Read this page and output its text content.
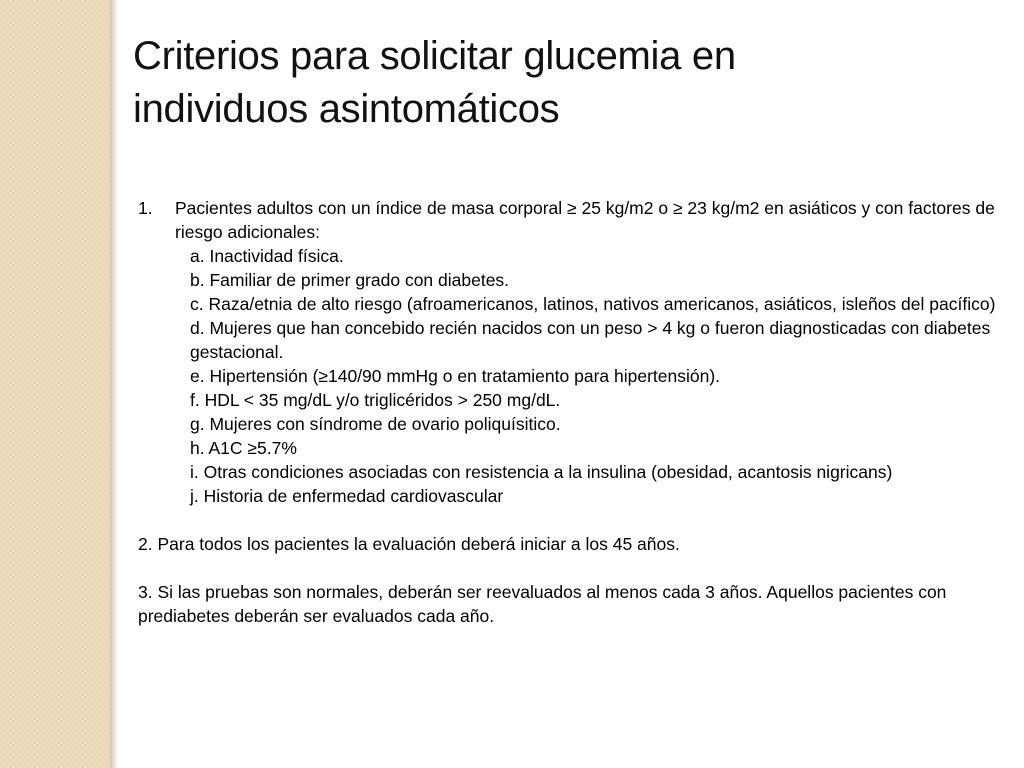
Criterios para solicitar glucemia en
individuos asintomáticos
1.	Pacientes adultos con un índice de masa corporal ≥ 25 kg/m2 o ≥ 23 kg/m2 en asiáticos y con factores de riesgo adicionales:
a. Inactividad física.
b. Familiar de primer grado con diabetes.
c. Raza/etnia de alto riesgo (afroamericanos, latinos, nativos americanos, asiáticos, isleños del pacífico)
d. Mujeres que han concebido recién nacidos con un peso > 4 kg o fueron diagnosticadas con diabetes gestacional.
e. Hipertensión (≥140/90 mmHg o en tratamiento para hipertensión).
f. HDL < 35 mg/dL y/o triglicéridos > 250 mg/dL.
g. Mujeres con síndrome de ovario poliquísitico.
h. A1C ≥5.7%
i. Otras condiciones asociadas con resistencia a la insulina (obesidad, acantosis nigricans)
j. Historia de enfermedad cardiovascular

2. Para todos los pacientes la evaluación deberá iniciar a los 45 años.

3. Si las pruebas son normales, deberán ser reevaluados al menos cada 3 años. Aquellos pacientes con prediabetes deberán ser evaluados cada año.
